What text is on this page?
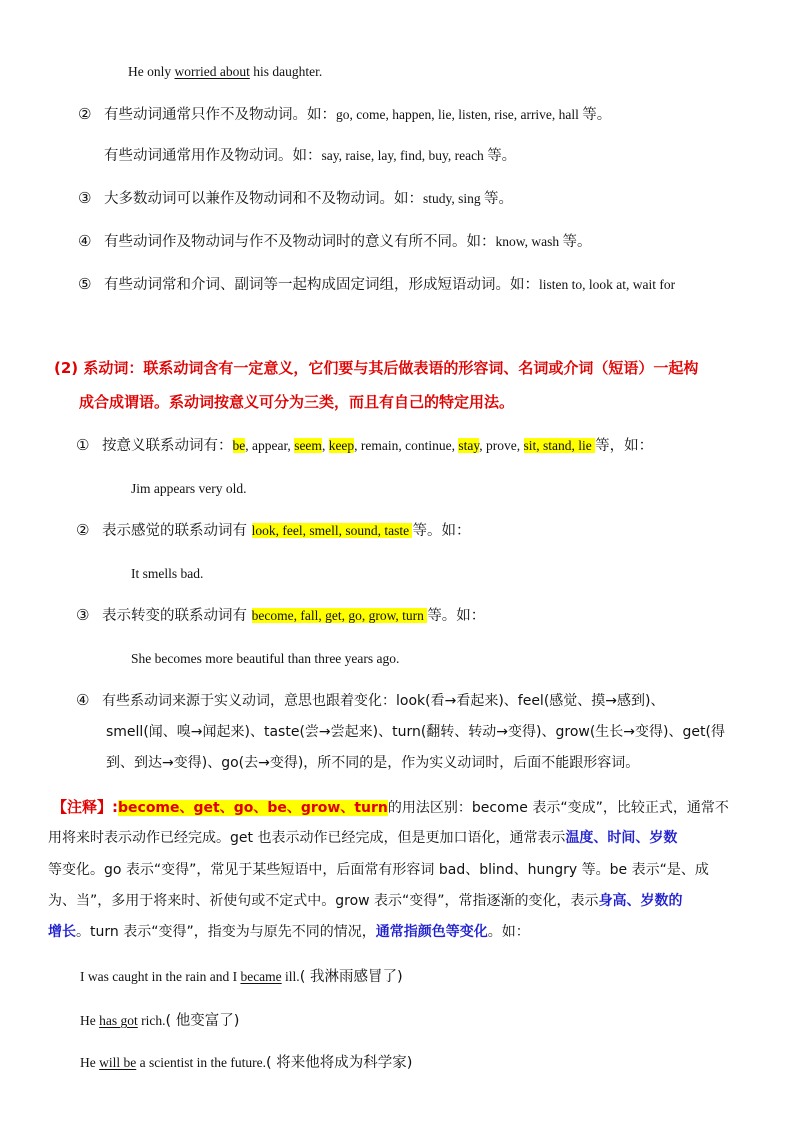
He only worried about his daughter.
② 有些动词通常只作不及物动词。如：go, come, happen, lie, listen, rise, arrive, hall 等。
有些动词通常用作及物动词。如：say, raise, lay, find, buy, reach 等。
③ 大多数动词可以兼作及物动词和不及物动词。如：study, sing 等。
④ 有些动词作及物动词与作不及物动词时的意义有所不同。如：know, wash 等。
⑤ 有些动词常和介词、副词等一起构成固定词组，形成短语动词。如：listen to, look at, wait for
(2) 系动词：联系动词含有一定意义，它们要与其后做表语的形容词、名词或介词（短语）一起构
成合成谓语。系动词按意义可分为三类，而且有自己的特定用法。
① 按意义联系动词有：be, appear, seem, keep, remain, continue, stay, prove, sit, stand, lie 等，如：
Jim appears very old.
② 表示感觉的联系动词有 look, feel, smell, sound, taste 等。如：
It smells bad.
③ 表示转变的联系动词有 become, fall, get, go, grow, turn 等。如：
She becomes more beautiful than three years ago.
④ 有些系动词来源于实义动词，意思也跟着变化：look(看→看起来)、feel(感觉、摸→感到)、
smell(闻、嗅→闻起来)、taste(尝→尝起来)、turn(翻转、转动→变得)、grow(生长→变得)、get(得
到、到达→变得)、go(去→变得)，所不同的是，作为实义动词时，后面不能跟形容词。
【注释】:become、get、go、be、grow、turn的用法区别：become 表示“变成”，比较正式，通常不
用将来时表示动作已经完成。get 也表示动作已经完成，但是更加口语化，通常表示温度、时间、岁数
等变化。go 表示“变得”，常见于某些短语中，后面常有形容词 bad、blind、hungry 等。be 表示“是、成
为、当”，多用于将来时、祈使句或不定式中。grow 表示“变得”，常指逐渐的变化，表示身高、岁数的
增长。turn 表示“变得”，指变为与原先不同的情况，通常指颜色等变化。如：
I was caught in the rain and I became ill.( 我淋雨感冒了)
He has got rich.( 他变富了)
He will be a scientist in the future.( 将来他将成为科学家)
